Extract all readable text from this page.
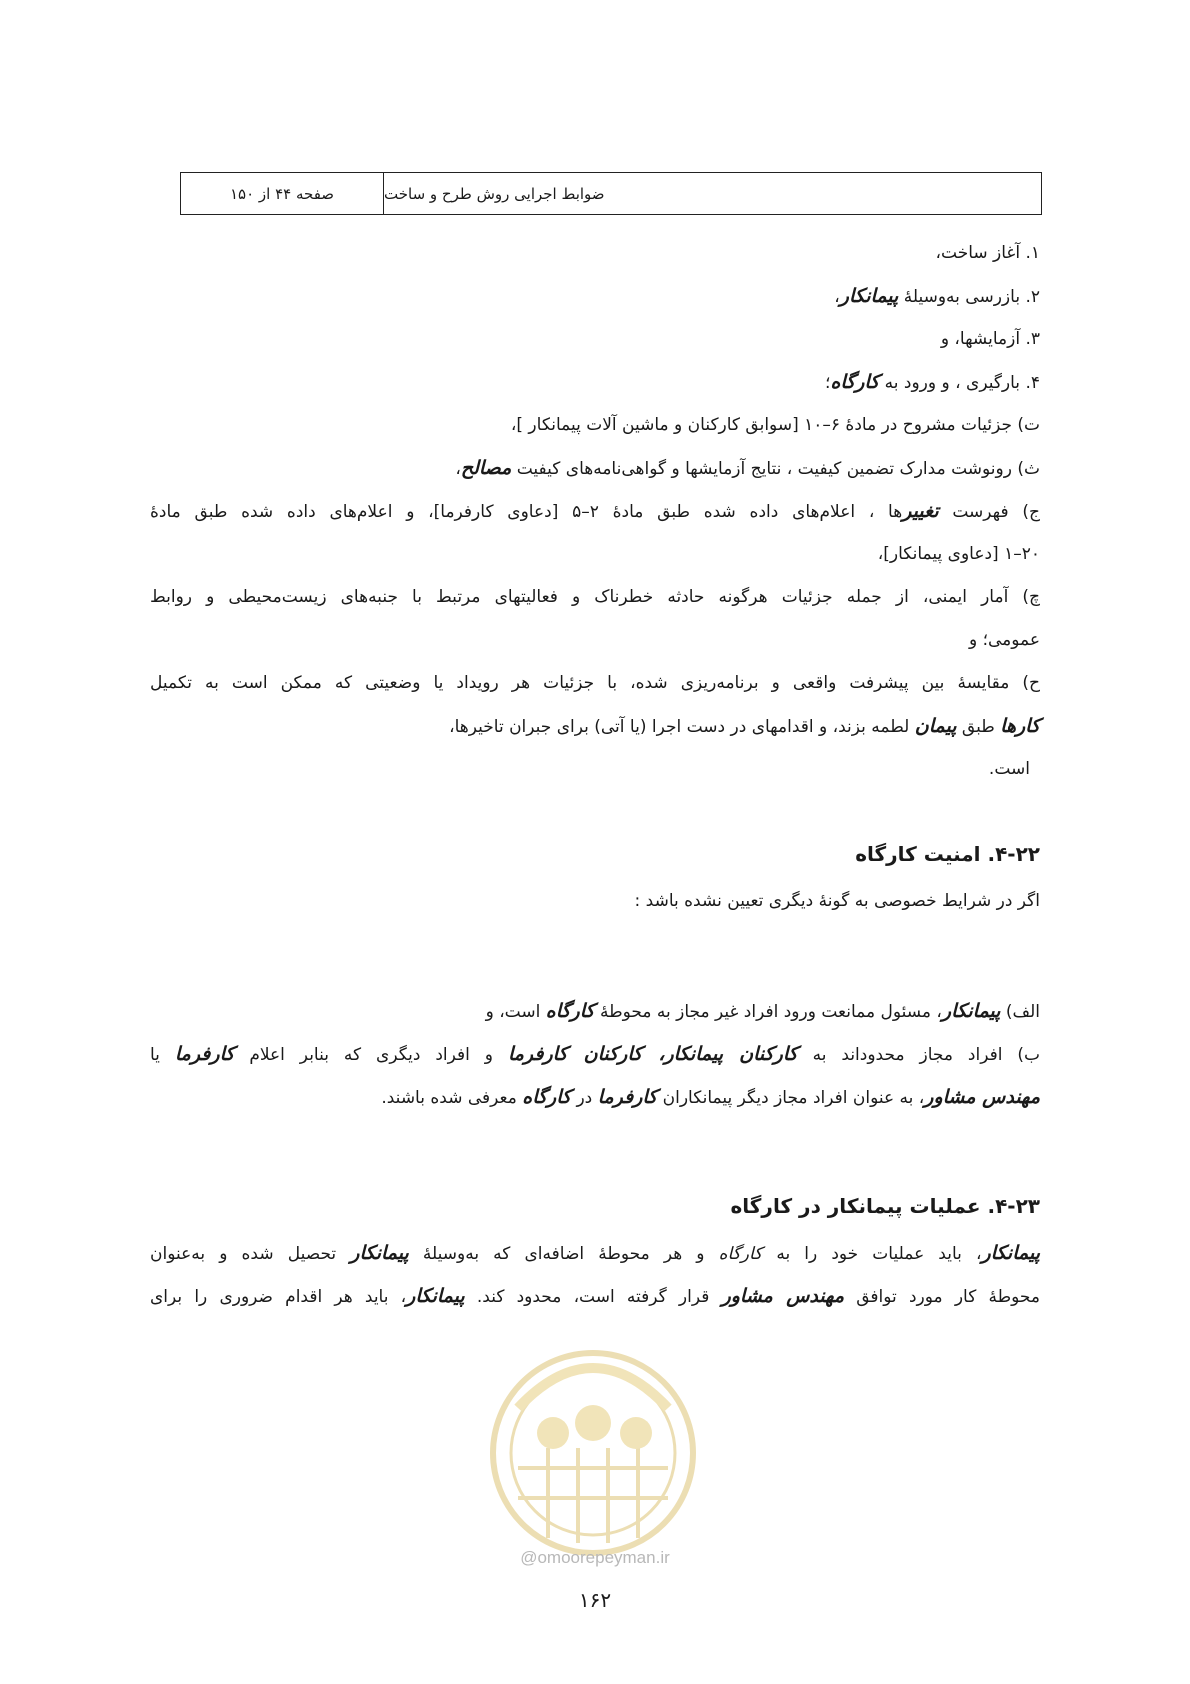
صفحه ۴۴ از ۱۵۰	ضوابط اجرایی روش طرح و ساخت
۱. آغاز ساخت،
۲. بازرسی به‌وسیلهٔ پیمانکار،
۳. آزمایشها، و
۴. بارگیری ، و ورود به کارگاه؛
ت) جزئیات مشروح در مادهٔ ۶–۱۰ [سوابق کارکنان و ماشین آلات پیمانکار ]،
ث) رونوشت مدارک تضمین کیفیت ، نتایج آزمایشها و گواهی‌نامه‌های کیفیت مصالح،
ج) فهرست تغییرها ، اعلام‌های داده شده طبق مادهٔ ۲–۵ [دعاوی کارفرما]، و اعلام‌های داده شده طبق مادهٔ
۲۰–۱ [دعاوی پیمانکار]،
چ) آمار ایمنی، از جمله جزئیات هرگونه حادثه خطرناک و فعالیتهای مرتبط با جنبه‌های زیست‌محیطی و روابط
عمومی؛ و
ح) مقایسهٔ بین پیشرفت واقعی و برنامه‌ریزی شده، با جزئیات هر رویداد یا وضعیتی که ممکن است به تکمیل
کارها طبق پیمان لطمه بزند، و اقدامهای در دست اجرا (یا آتی) برای جبران تاخیرها،
است.
۴-۲۲. امنیت کارگاه
اگر در شرایط خصوصی به گونهٔ دیگری تعیین نشده باشد :
الف) پیمانکار، مسئول ممانعت ورود افراد غیر مجاز به محوطهٔ کارگاه است، و
ب) افراد مجاز محدوداند به کارکنان پیمانکار، کارکنان کارفرما و افراد دیگری که بنابر اعلام کارفرما یا
مهندس مشاور، به عنوان افراد مجاز دیگر پیمانکاران کارفرما در کارگاه معرفی شده باشند.
۴-۲۳. عملیات پیمانکار در کارگاه
پیمانکار، باید عملیات خود را به کارگاه و هر محوطهٔ اضافه‌ای که به‌وسیلهٔ پیمانکار تحصیل شده و به‌عنوان
محوطهٔ کار مورد توافق مهندس مشاور قرار گرفته است، محدود کند. پیمانکار، باید هر اقدام ضروری را برای
@omoorepeyman.ir
۱۶۲
